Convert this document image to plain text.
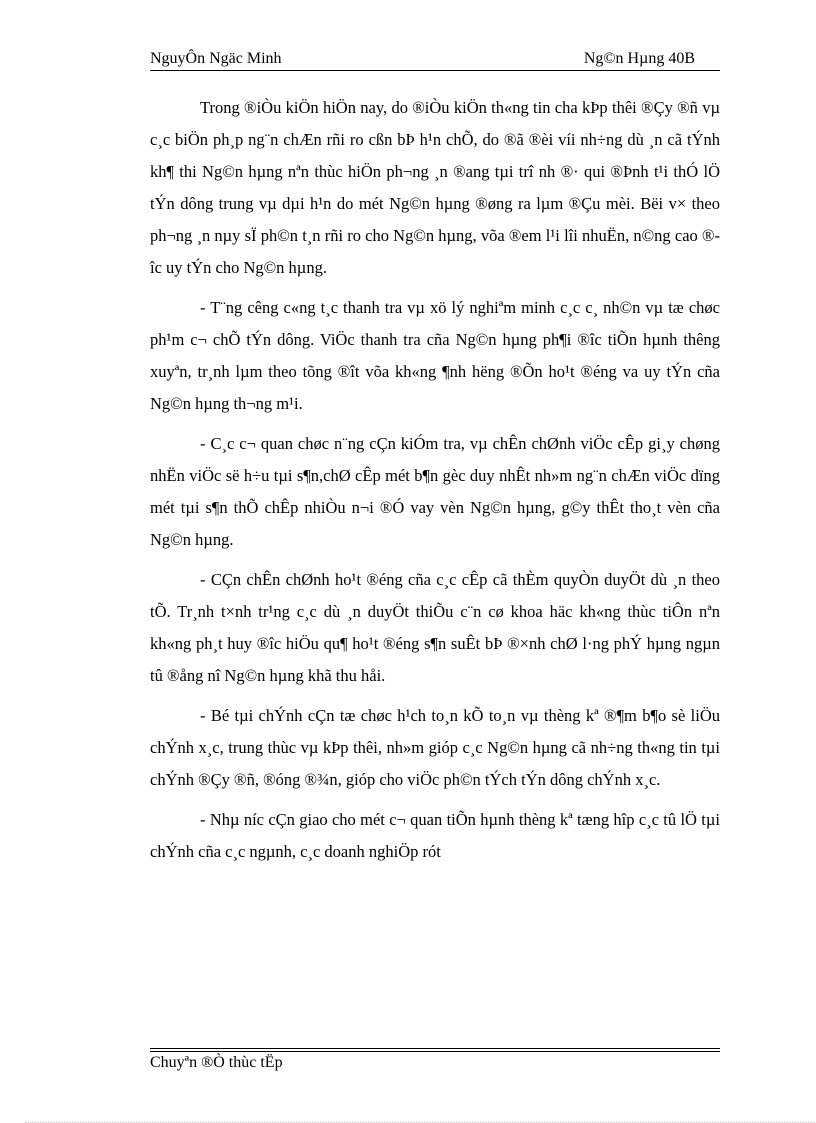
NguyÔn Ngäc Minh	Ng©n Hµng 40B

Trong ®iÒu kiÖn hiÖn nay, do ®iÒu kiÖn th«ng tin cha kÞp thêi ®Çy ®ñ vµ c¸c biÖn ph¸p ng¨n chÆn rñi ro cßn bÞ h¹n chÕ, do ®ã ®èi víi nh÷ng dù ¸n cã tÝnh kh¶ thi Ng©n hµng nªn thùc hiÖn ph¬ng ¸n ®ang tµi trî nh ®· qui ®Þnh t¹i thÓ lÖ tÝn dông trung vµ dµi h¹n do mét Ng©n hµng ®øng ra lµm ®Çu mèi. Bëi v× theo ph¬ng ¸n nµy sÏ ph©n t¸n rñi ro cho Ng©n hµng, võa ®em l¹i lîi nhuËn, n©ng cao ®îc uy tÝn cho Ng©n hµng.

- T¨ng cêng c«ng t¸c thanh tra vµ xö lý nghiªm minh c¸c c¸ nh©n vµ tæ chøc ph¹m c¬ chÕ tÝn dông. ViÖc thanh tra cña Ng©n hµng ph¶i ®îc tiÕn hµnh thêng xuyªn, tr¸nh lµm theo tõng ®ît võa kh«ng ¶nh hëng ®Õn ho¹t ®éng va uy tÝn cña Ng©n hµng th¬ng m¹i.

- C¸c c¬ quan chøc n¨ng cÇn kiÓm tra, vµ chÊn chØnh viÖc cÊp gi¸y chøng nhËn viÖc së h÷u tµi s¶n,chØ cÊp mét b¶n gèc duy nhÊt nh»m ng¨n chÆn viÖc dïng mét tµi s¶n thÕ chÊp nhiÒu n¬i ®Ó vay vèn Ng©n hµng, g©y thÊt tho¸t vèn cña Ng©n hµng.

- CÇn chÊn chØnh ho¹t ®éng cña c¸c cÊp cã thÈm quyÒn duyÖt dù ¸n theo tÕ. Tr¸nh t×nh tr¹ng c¸c dù ¸n duyÖt thiÕu c¨n cø khoa häc kh«ng thùc tiÔn nªn kh«ng ph¸t huy ®îc hiÖu qu¶ ho¹t ®éng s¶n suÊt bÞ ®×nh chØ l·ng phÝ hµng ngµn tû ®ång nî Ng©n hµng khã thu håi.

- Bé tµi chÝnh cÇn tæ chøc h¹ch to¸n kÕ to¸n vµ thèng kª ®¶m b¶o sè liÖu chÝnh x¸c, trung thùc vµ kÞp thêi, nh»m gióp c¸c Ng©n hµng cã nh÷ng th«ng tin tµi chÝnh ®Çy ®ñ, ®óng ®¾n, gióp cho viÖc ph©n tÝch tÝn dông chÝnh x¸c.

- Nhµ níc cÇn giao cho mét c¬ quan tiÕn hµnh thèng kª tæng hîp c¸c tû lÖ tµi chÝnh cña c¸c ngµnh, c¸c doanh nghiÖp rót

Chuyªn ®Ò thùc tËp
